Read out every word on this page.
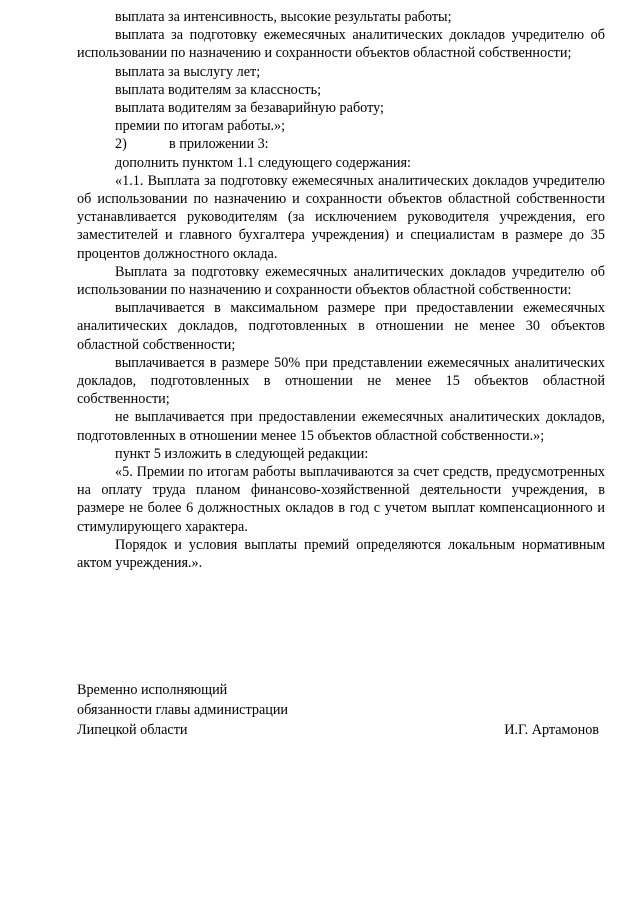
выплата за интенсивность, высокие результаты работы;

выплата за подготовку ежемесячных аналитических докладов учредителю об использовании по назначению и сохранности объектов областной собственности;

выплата за выслугу лет;

выплата водителям за классность;

выплата водителям за безаварийную работу;

премии по итогам работы.»;

2)	в приложении 3:

дополнить пунктом 1.1 следующего содержания:

«1.1. Выплата за подготовку ежемесячных аналитических докладов учредителю об использовании по назначению и сохранности объектов областной собственности устанавливается руководителям (за исключением руководителя учреждения, его заместителей и главного бухгалтера учреждения) и специалистам в размере до 35 процентов должностного оклада.

Выплата за подготовку ежемесячных аналитических докладов учредителю об использовании по назначению и сохранности объектов областной собственности:

выплачивается в максимальном размере при предоставлении ежемесячных аналитических докладов, подготовленных в отношении не менее 30 объектов областной собственности;

выплачивается в размере 50% при представлении ежемесячных аналитических докладов, подготовленных в отношении не менее 15 объектов областной собственности;

не выплачивается при предоставлении ежемесячных аналитических докладов, подготовленных в отношении менее 15 объектов областной собственности.»;

пункт 5 изложить в следующей редакции:

«5. Премии по итогам работы выплачиваются за счет средств, предусмотренных на оплату труда планом финансово-хозяйственной деятельности учреждения, в размере не более 6 должностных окладов в год с учетом выплат компенсационного и стимулирующего характера.

Порядок и условия выплаты премий определяются локальным нормативным актом учреждения.».

Временно исполняющий

обязанности главы администрации

Липецкой области	И.Г. Артамонов
